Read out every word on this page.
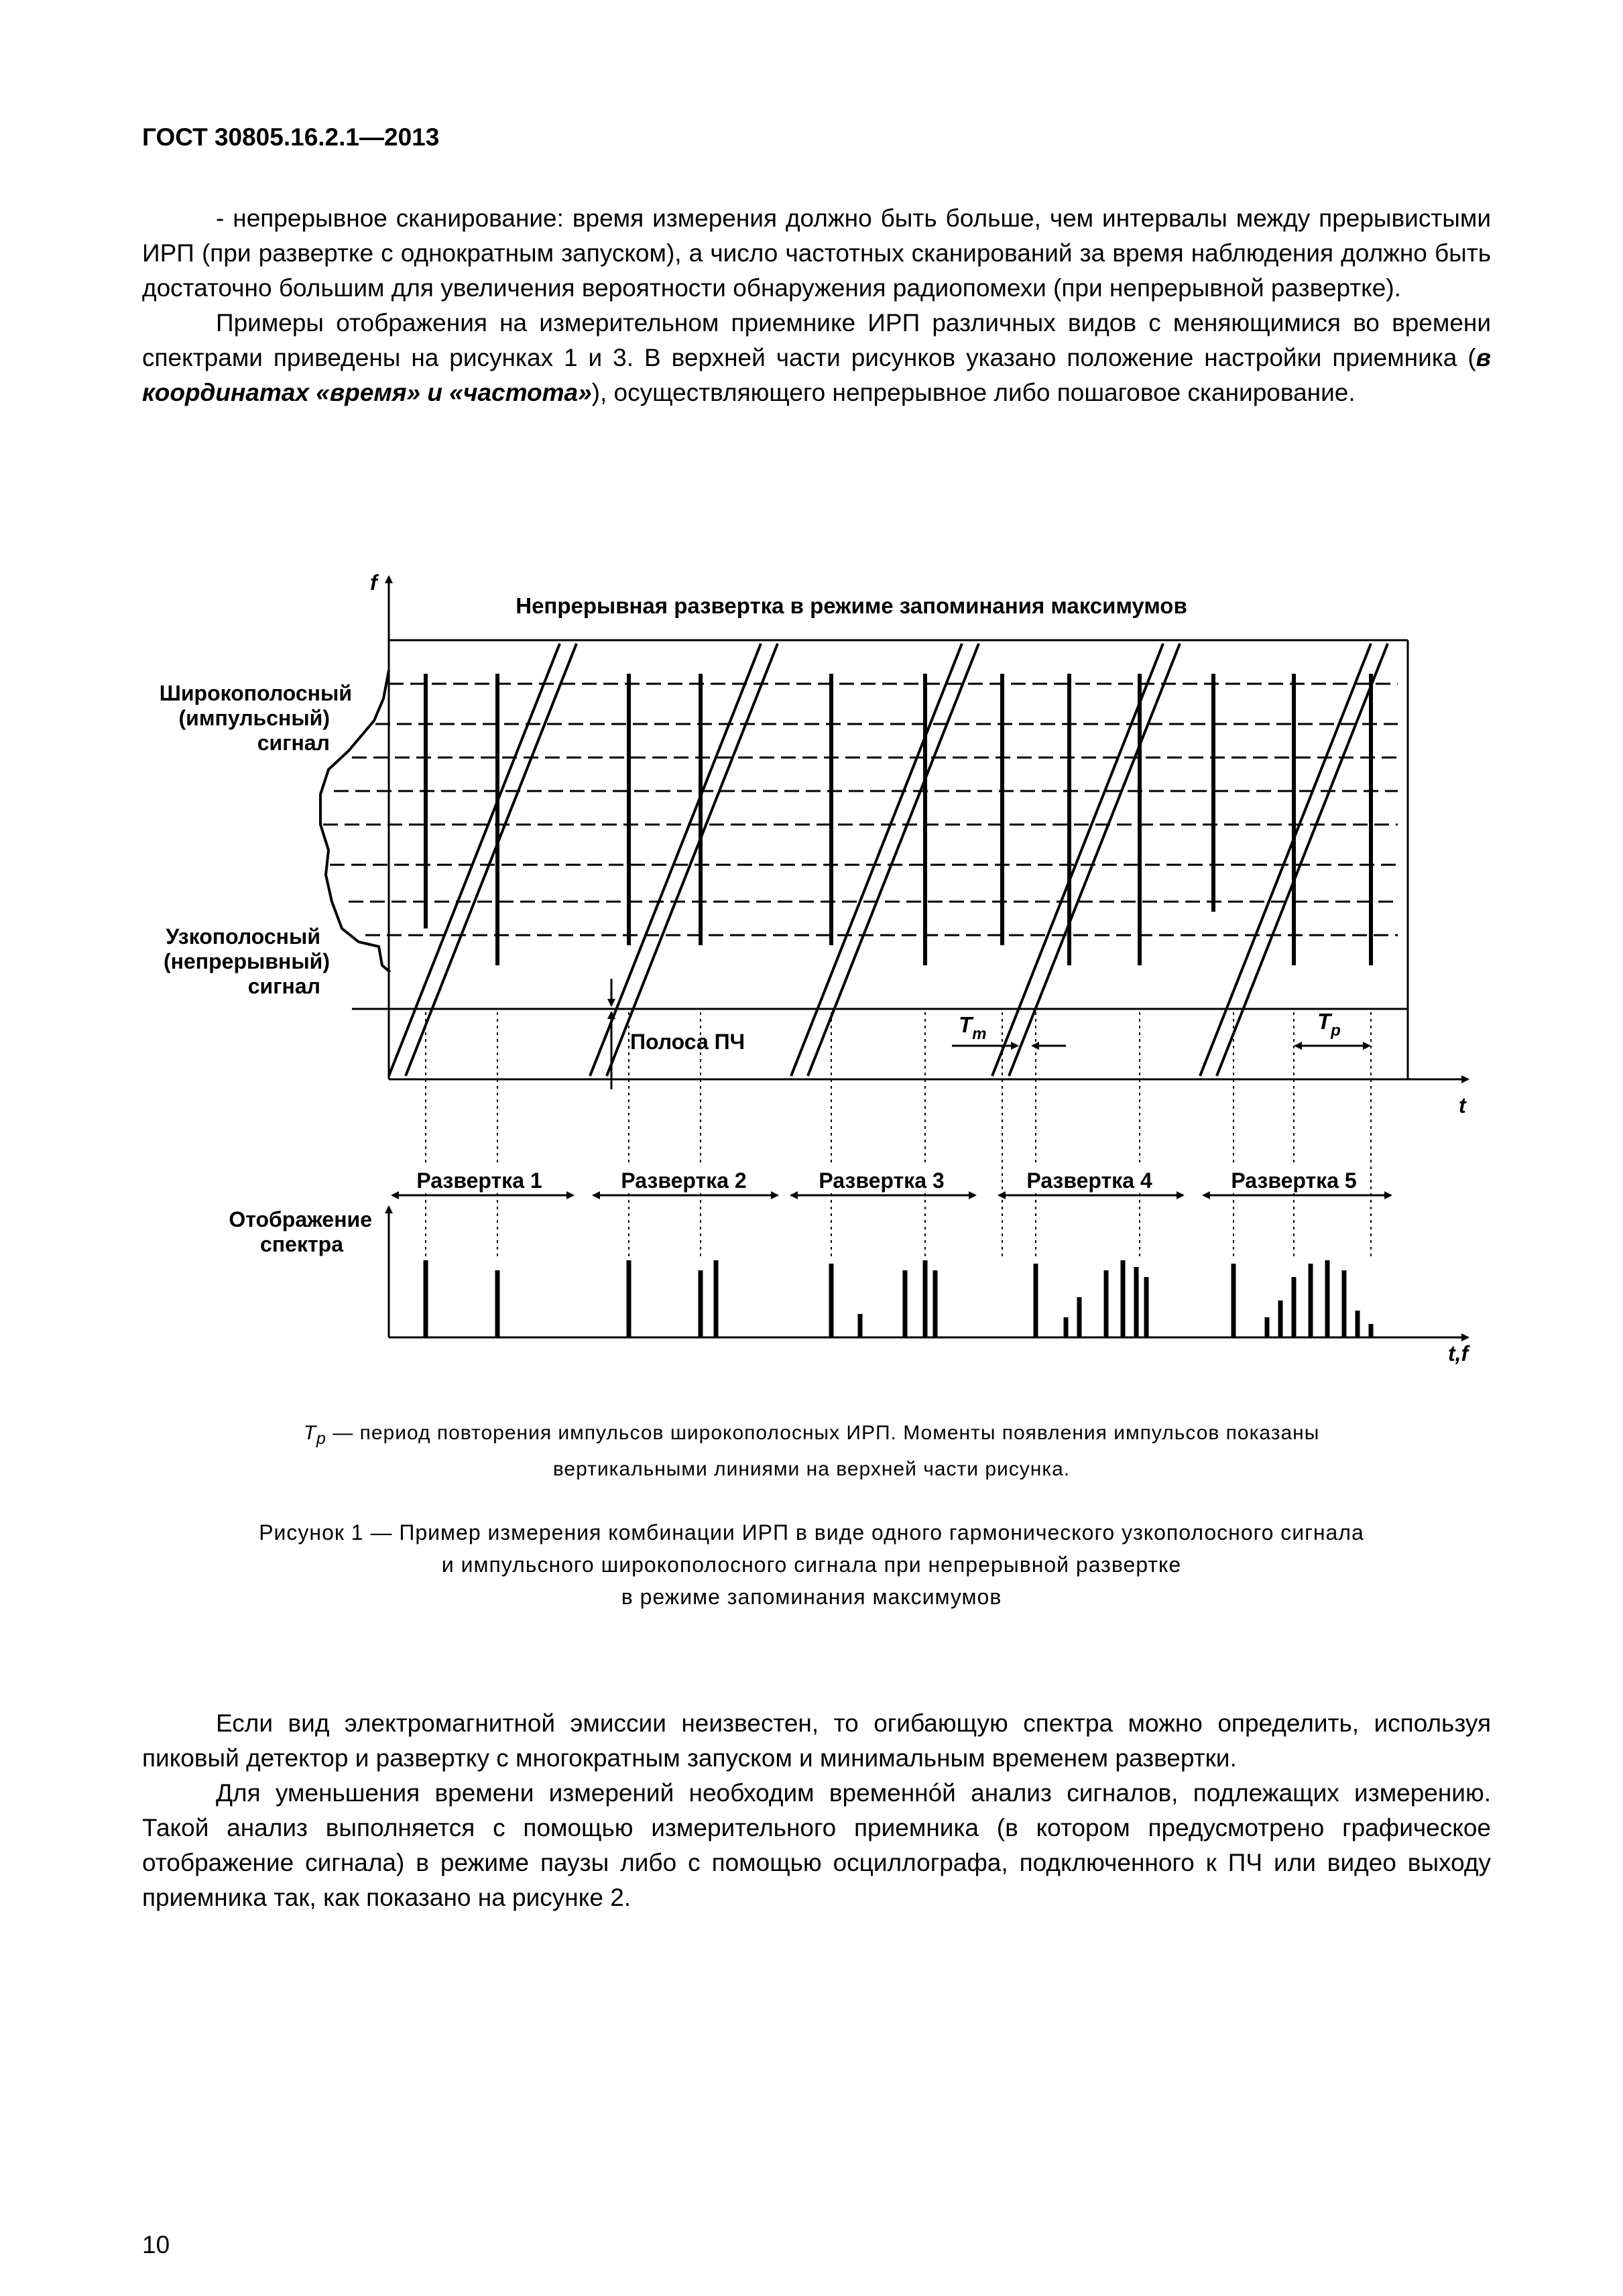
ГОСТ 30805.16.2.1—2013

- непрерывное сканирование: время измерения должно быть больше, чем интервалы между прерывистыми ИРП (при развертке с однократным запуском), а число частотных сканирований за время наблюдения должно быть достаточно большим для увеличения вероятности обнаружения радиопомехи (при непрерывной развертке).

Примеры отображения на измерительном приемнике ИРП различных видов с меняющимися во времени спектрами приведены на рисунках 1 и 3. В верхней части рисунков указано положение настройки приемника (в координатах «время» и «частота»), осуществляющего непрерывное либо пошаговое сканирование.

f
t
Непрерывная развертка в режиме запоминания максимумов
Широкополосный
(импульсный)
сигнал
Узкополосный
(непрерывный)
сигнал
Полоса ПЧ
$T_m$
$T_p$
Развертка 1	Развертка 2	Развертка 3	Развертка 4	Развертка 5
t,f
Отображение
спектра
$T_p$ — период повторения импульсов широкополосных ИРП. Моменты появления импульсов показаны
вертикальными линиями на верхней части рисунка.
Рисунок 1 — Пример измерения комбинации ИРП в виде одного гармонического узкополосного сигнала
и импульсного широкополосного сигнала при непрерывной развертке
в режиме запоминания максимумов

Если вид электромагнитной эмиссии неизвестен, то огибающую спектра можно определить, используя пиковый детектор и развертку с многократным запуском и минимальным временем развертки.

Для уменьшения времени измерений необходим временнóй анализ сигналов, подлежащих измерению. Такой анализ выполняется с помощью измерительного приемника (в котором предусмотрено графическое отображение сигнала) в режиме паузы либо с помощью осциллографа, подключенного к ПЧ или видео выходу приемника так, как показано на рисунке 2.

10
